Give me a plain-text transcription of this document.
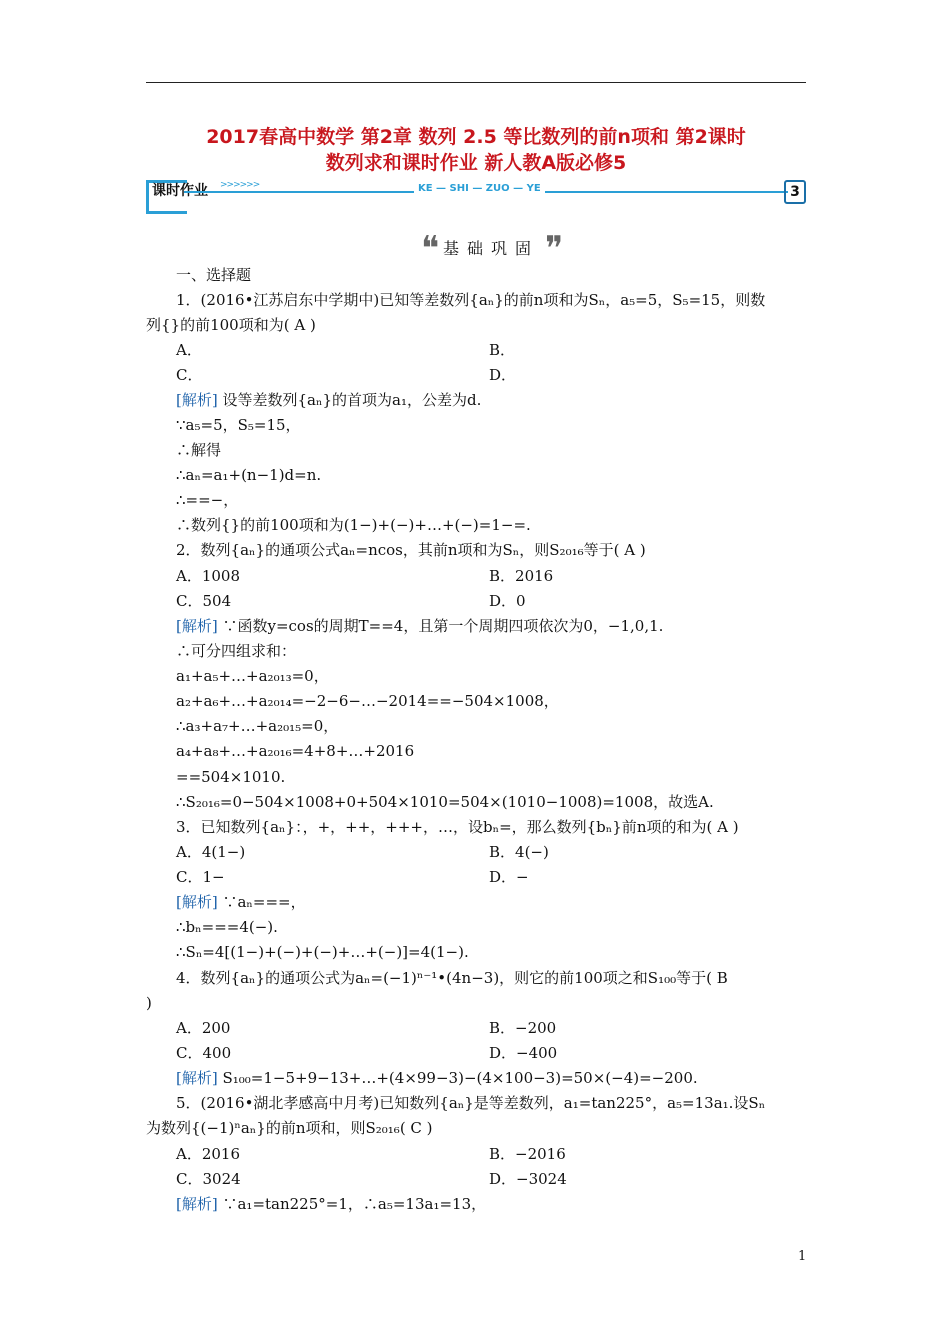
2017春高中数学 第2章 数列 2.5 等比数列的前n项和 第2课时
数列求和课时作业 新人教A版必修5
课时作业 >>>>>>	KE — SHI — ZUO — YE	3
❝ 基础巩固 ❞
一、选择题
1．(2016•江苏启东中学期中)已知等差数列{aₙ}的前n项和为Sₙ，a₅=5，S₅=15，则数
列{}的前100项和为( A )
A．	B．
C．	D．
[解析] 设等差数列{aₙ}的首项为a₁，公差为d.
∵a₅=5，S₅=15，
∴解得
∴aₙ=a₁+(n−1)d=n.
∴==−，
∴数列{}的前100项和为(1−)+(−)+…+(−)=1−=.
2．数列{aₙ}的通项公式aₙ=ncos，其前n项和为Sₙ，则S₂₀₁₆等于( A )
A．1008	B．2016
C．504	D．0
[解析] ∵函数y=cos的周期T==4，且第一个周期四项依次为0，−1,0,1.
∴可分四组求和：
a₁+a₅+…+a₂₀₁₃=0，
a₂+a₆+…+a₂₀₁₄=−2−6−…−2014==−504×1008，
∴a₃+a₇+…+a₂₀₁₅=0，
a₄+a₈+…+a₂₀₁₆=4+8+…+2016
==504×1010.
∴S₂₀₁₆=0−504×1008+0+504×1010=504×(1010−1008)=1008，故选A.
3．已知数列{aₙ}：，+，++，+++，…，设bₙ=，那么数列{bₙ}前n项的和为( A )
A．4(1−)	B．4(−)
C．1−	D．−
[解析] ∵aₙ===，
∴bₙ===4(−).
∴Sₙ=4[(1−)+(−)+(−)+…+(−)]=4(1−).
4．数列{aₙ}的通项公式为aₙ=(−1)ⁿ⁻¹•(4n−3)，则它的前100项之和S₁₀₀等于( B
)
A．200	B．−200
C．400	D．−400
[解析] S₁₀₀=1−5+9−13+…+(4×99−3)−(4×100−3)=50×(−4)=−200.
5．(2016•湖北孝感高中月考)已知数列{aₙ}是等差数列，a₁=tan225°，a₅=13a₁.设Sₙ
为数列{(−1)ⁿaₙ}的前n项和，则S₂₀₁₆( C )
A．2016	B．−2016
C．3024	D．−3024
[解析] ∵a₁=tan225°=1，∴a₅=13a₁=13，
1
